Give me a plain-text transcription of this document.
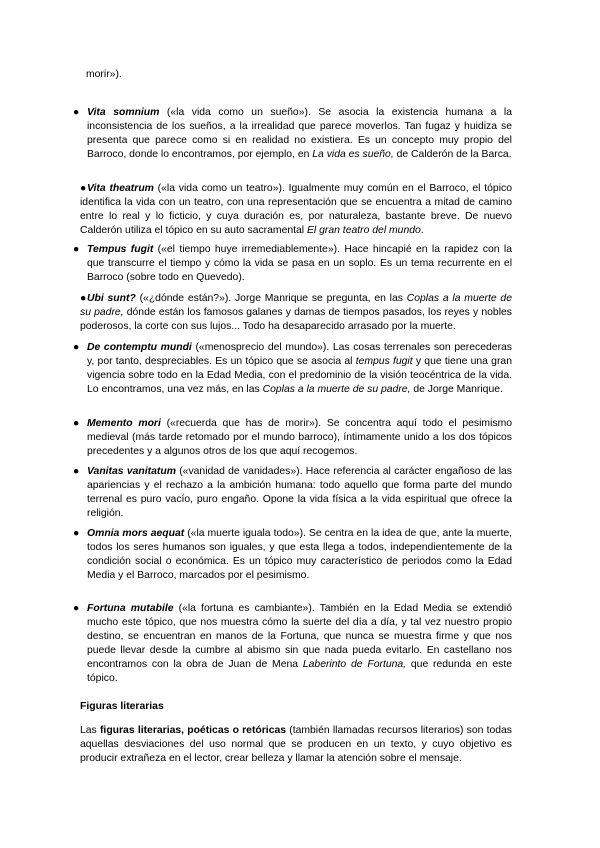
morir»).

● Vita somnium («la vida como un sueño»). Se asocia la existencia humana a la inconsistencia de los sueños, a la irrealidad que parece moverlos. Tan fugaz y huidiza se presenta que parece como si en realidad no existiera. Es un concepto muy propio del Barroco, donde lo encontramos, por ejemplo, en La vida es sueño, de Calderón de la Barca.

●Vita theatrum («la vida como un teatro»). Igualmente muy común en el Barroco, el tópico identifica la vida con un teatro, con una representación que se encuentra a mitad de camino entre lo real y lo ficticio, y cuya duración es, por naturaleza, bastante breve. De nuevo Calderón utiliza el tópico en su auto sacramental El gran teatro del mundo.

● Tempus fugit («el tiempo huye irremediablemente»). Hace hincapié en la rapidez con la que transcurre el tiempo y cómo la vida se pasa en un soplo. Es un tema recurrente en el Barroco (sobre todo en Quevedo).

●Ubi sunt? («¿dónde están?»). Jorge Manrique se pregunta, en las Coplas a la muerte de su padre, dónde están los famosos galanes y damas de tiempos pasados, los reyes y nobles poderosos, la corte con sus lujos... Todo ha desaparecido arrasado por la muerte.

● De contemptu mundi («menosprecio del mundo»). Las cosas terrenales son perecederas y, por tanto, despreciables. Es un tópico que se asocia al tempus fugit y que tiene una gran vigencia sobre todo en la Edad Media, con el predominio de la visión teocéntrica de la vida. Lo encontramos, una vez más, en las Coplas a la muerte de su padre, de Jorge Manrique.

● Memento mori («recuerda que has de morir»). Se concentra aquí todo el pesimismo medieval (más tarde retomado por el mundo barroco), íntimamente unido a los dos tópicos precedentes y a algunos otros de los que aquí recogemos.

● Vanitas vanitatum («vanidad de vanidades»). Hace referencia al carácter engañoso de las apariencias y el rechazo a la ambición humana: todo aquello que forma parte del mundo terrenal es puro vacío, puro engaño. Opone la vida física a la vida espiritual que ofrece la religión.

● Omnia mors aequat («la muerte iguala todo»). Se centra en la idea de que, ante la muerte, todos los seres humanos son iguales, y que esta llega a todos, independientemente de la condición social o económica. Es un tópico muy característico de periodos como la Edad Media y el Barroco, marcados por el pesimismo.

● Fortuna mutabile («la fortuna es cambiante»). También en la Edad Media se extendió mucho este tópico, que nos muestra cómo la suerte del día a día, y tal vez nuestro propio destino, se encuentran en manos de la Fortuna, que nunca se muestra firme y que nos puede llevar desde la cumbre al abismo sin que nada pueda evitarlo. En castellano nos encontramos con la obra de Juan de Mena Laberinto de Fortuna, que redunda en este tópico.

Figuras literarias

Las figuras literarias, poéticas o retóricas (también llamadas recursos literarios) son todas aquellas desviaciones del uso normal que se producen en un texto, y cuyo objetivo es producir extrañeza en el lector, crear belleza y llamar la atención sobre el mensaje.
